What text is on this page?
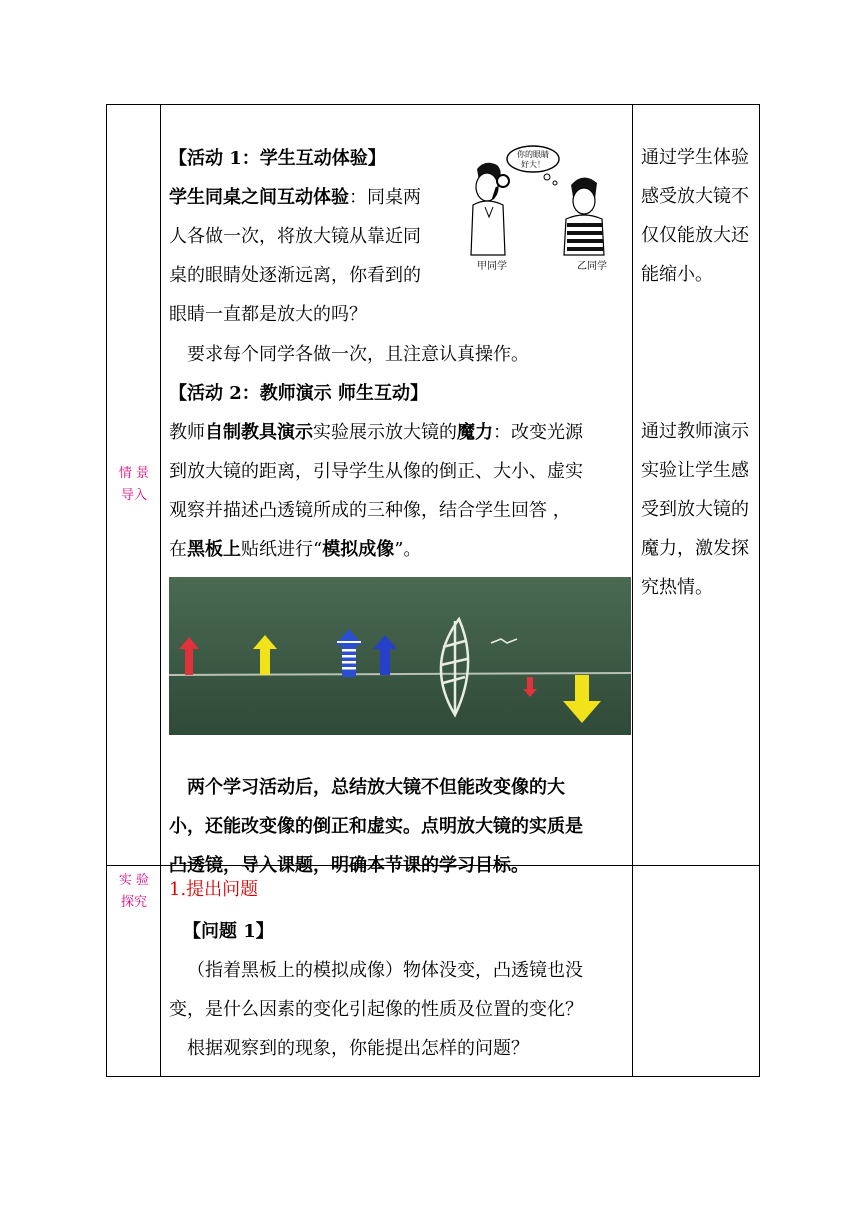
情 景
导入
【活动 1：学生互动体验】
学生同桌之间互动体验：同桌两
人各做一次，将放大镜从靠近同
桌的眼睛处逐渐远离，你看到的
眼睛一直都是放大的吗？
要求每个同学各做一次，且注意认真操作。
你的眼睛
好大！
甲同学	乙同学
【活动 2：教师演示 师生互动】
教师自制教具演示实验展示放大镜的魔力：改变光源
到放大镜的距离，引导学生从像的倒正、大小、虚实
观察并描述凸透镜所成的三种像，结合学生回答 ，
在黑板上贴纸进行“模拟成像”。
两个学习活动后，总结放大镜不但能改变像的大
小，还能改变像的倒正和虚实。点明放大镜的实质是
凸透镜，导入课题，明确本节课的学习目标。
通过学生体验感受放大镜不仅仅能放大还能缩小。
通过教师演示实验让学生感受到放大镜的魔力，激发探究热情。
实 验
探究
1.提出问题
【问题 1】
（指着黑板上的模拟成像）物体没变，凸透镜也没
变，是什么因素的变化引起像的性质及位置的变化？
根据观察到的现象，你能提出怎样的问题？
